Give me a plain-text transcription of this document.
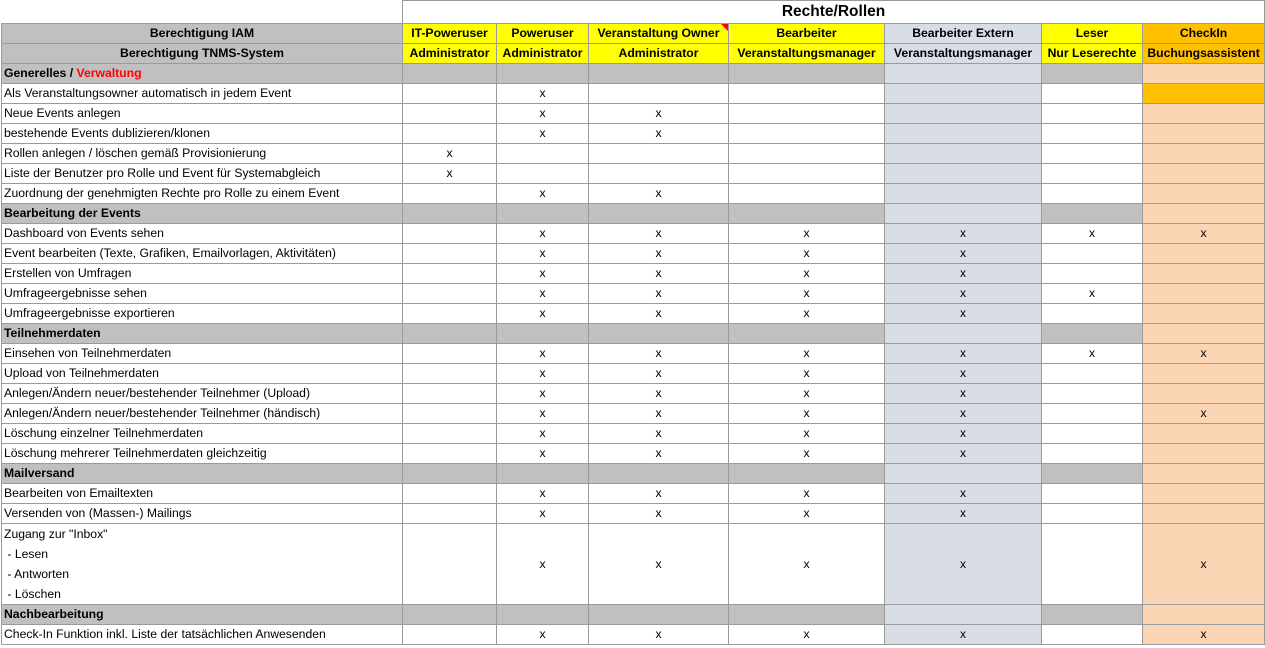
	Rechte/Rollen						
Berechtigung IAM	IT-Poweruser	Poweruser	Veranstaltung Owner	Bearbeiter	Bearbeiter Extern	Leser	CheckIn
Berechtigung TNMS-System	Administrator	Administrator	Administrator	Veranstaltungsmanager	Veranstaltungsmanager	Nur Leserechte	Buchungsassistent
Generelles / Verwaltung							
Als Veranstaltungsowner automatisch in jedem Event		x					
Neue Events anlegen		x	x				
bestehende Events dublizieren/klonen		x	x				
Rollen anlegen / löschen gemäß Provisionierung	x						
Liste der Benutzer pro Rolle und Event für Systemabgleich	x						
Zuordnung der genehmigten Rechte pro Rolle zu einem Event		x	x				
Bearbeitung der Events							
Dashboard von Events sehen		x	x	x	x	x	x
Event bearbeiten (Texte, Grafiken, Emailvorlagen, Aktivitäten)		x	x	x	x		
Erstellen von Umfragen		x	x	x	x		
Umfrageergebnisse sehen		x	x	x	x	x	
Umfrageergebnisse exportieren		x	x	x	x		
Teilnehmerdaten							
Einsehen von Teilnehmerdaten		x	x	x	x	x	x
Upload von Teilnehmerdaten		x	x	x	x		
Anlegen/Ändern neuer/bestehender Teilnehmer (Upload)		x	x	x	x		
Anlegen/Ändern neuer/bestehender Teilnehmer (händisch)		x	x	x	x		x
Löschung einzelner Teilnehmerdaten		x	x	x	x		
Löschung mehrerer Teilnehmerdaten gleichzeitig		x	x	x	x		
Mailversand							
Bearbeiten von Emailtexten		x	x	x	x		
Versenden von (Massen-) Mailings		x	x	x	x		

Zugang zur "Inbox"
- Lesen
- Antworten
- Löschen		x	x	x	x		x
Nachbearbeitung							
Check-In Funktion inkl. Liste der tatsächlichen Anwesenden		x	x	x	x		x
